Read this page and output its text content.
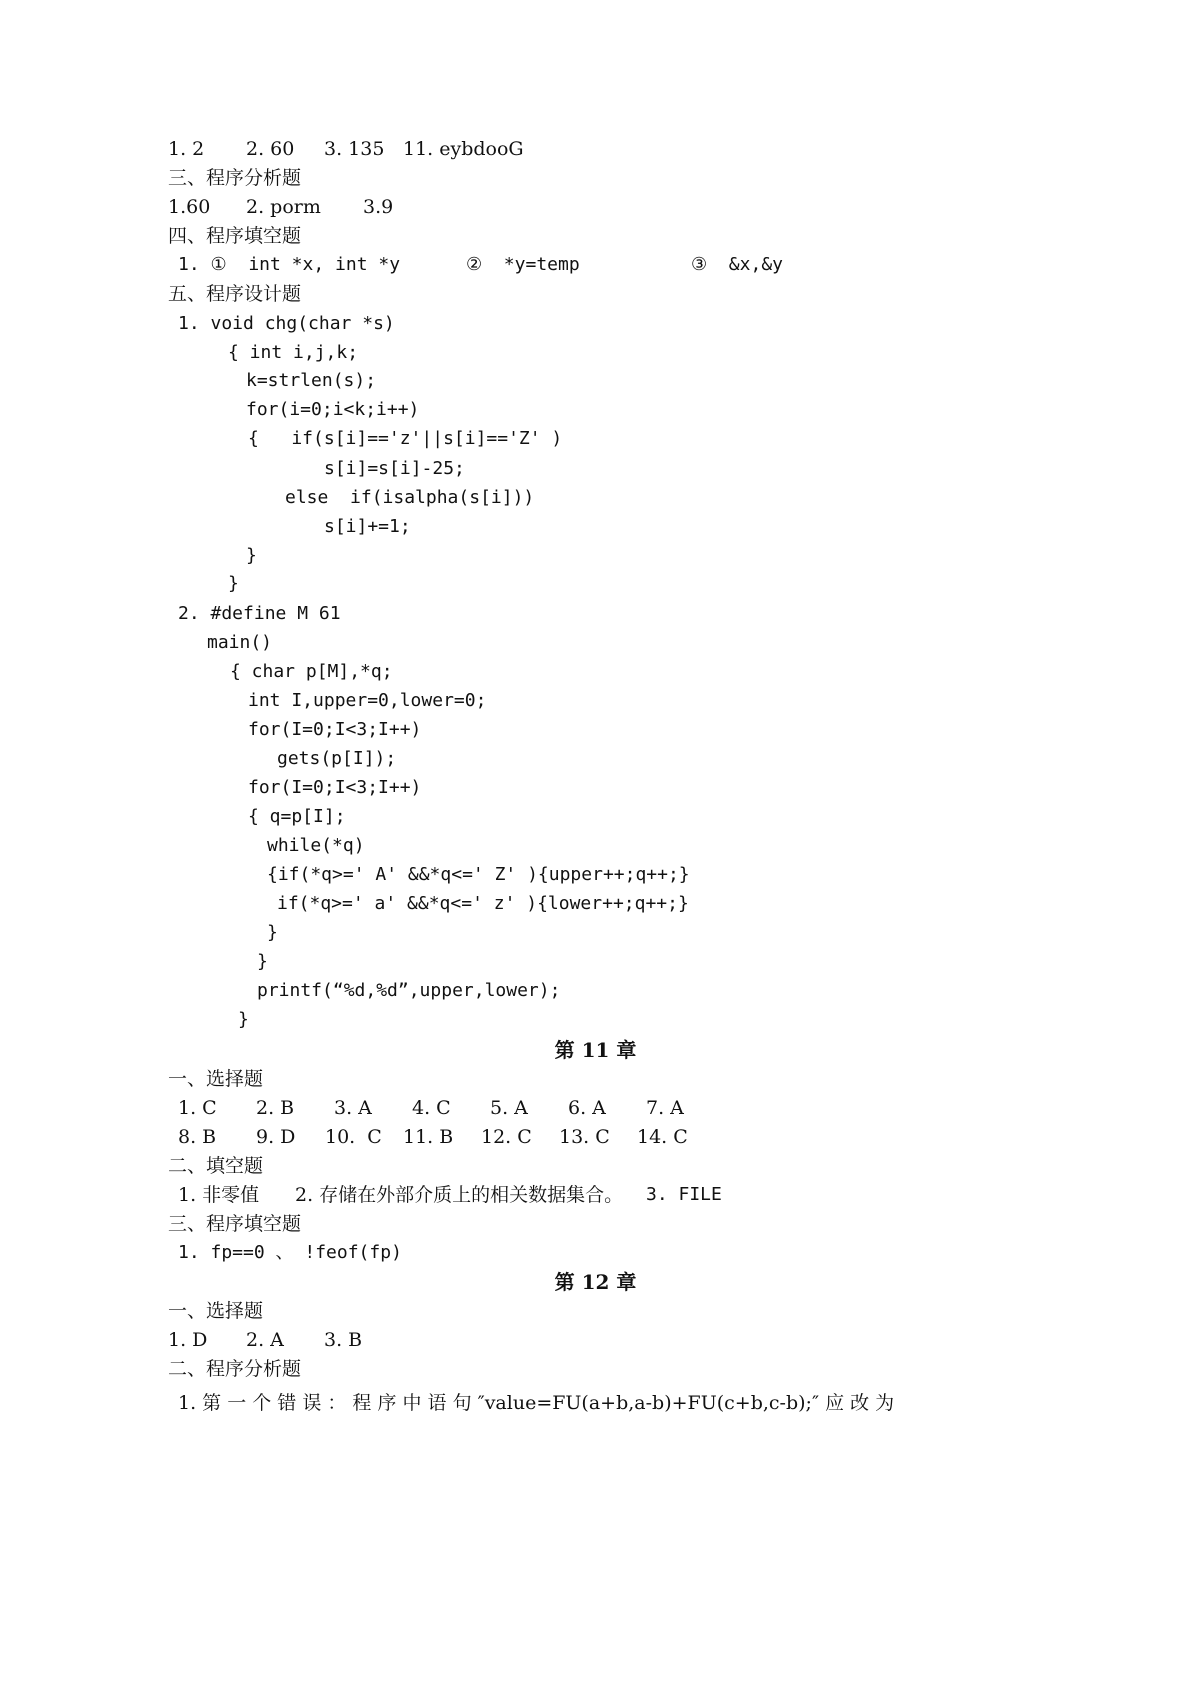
1. 2 2. 60 3. 135 11. eybdooG
三、程序分析题
1.60 2. porm 3.9
四、程序填空题
1. ①  int *x, int *y	②  *y=temp	③  &x,&y
五、程序设计题
1. void chg(char *s)
{ int i,j,k;
k=strlen(s);
for(i=0;i<k;i++)
{   if(s[i]=='z'||s[i]=='Z' )
s[i]=s[i]-25;
else  if(isalpha(s[i]))
s[i]+=1;
}
}
2. #define M 61
main()
{ char p[M],*q;
int I,upper=0,lower=0;
for(I=0;I<3;I++)
gets(p[I]);
for(I=0;I<3;I++)
{ q=p[I];
while(*q)
{if(*q>=' A' &&*q<=' Z' ){upper++;q++;}
if(*q>=' a' &&*q<=' z' ){lower++;q++;}
}
}
printf(“%d,%d”,upper,lower);
}
第 11 章
一、选择题
1. C 2. B 3. A 4. C 5. A 6. A 7. A
8. B 9. D 10.  C 11. B 12. C 13. C 14. C
二、填空题
1. 非零值 2. 存储在外部介质上的相关数据集合。 3. FILE
三、程序填空题
1. fp==0 、 !feof(fp)
第 12 章
一、选择题
1. D 2. A 3. B
二、程序分析题
1. 第 一 个 错 误 ： 程 序 中 语 句 ″value=FU(a+b,a-b)+FU(c+b,c-b);″ 应 改 为
